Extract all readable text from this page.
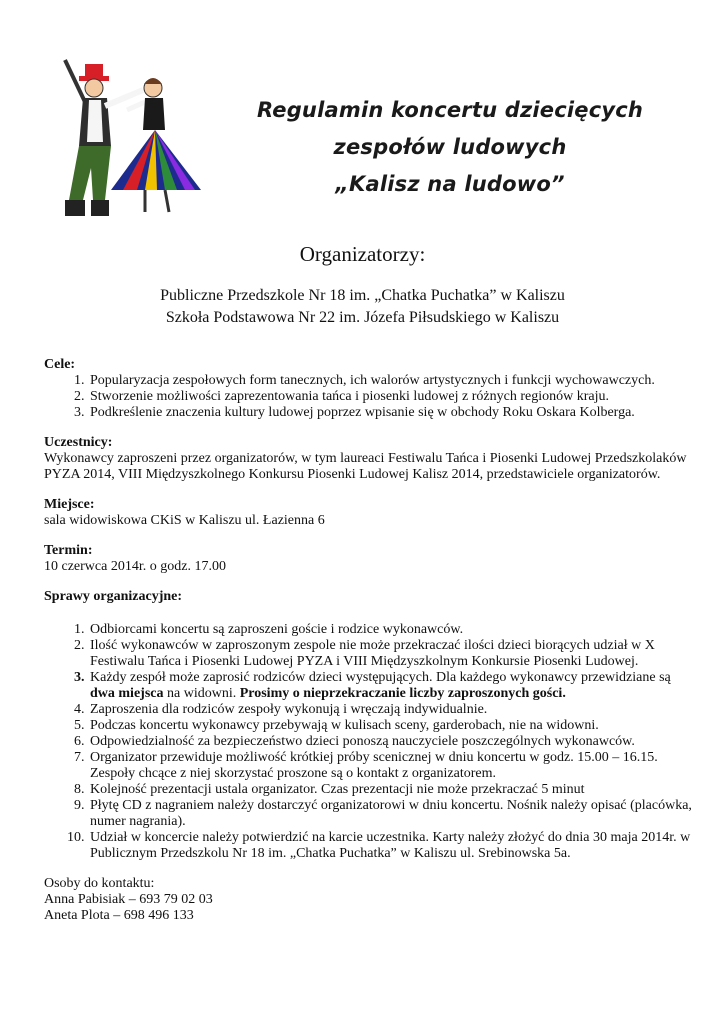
Regulamin koncertu dziecięcych
zespołów ludowych
„Kalisz na ludowo”
Organizatorzy:
Publiczne Przedszkole Nr 18 im. „Chatka Puchatka” w Kaliszu
Szkoła Podstawowa Nr 22 im. Józefa Piłsudskiego w Kaliszu
Cele:
1. Popularyzacja zespołowych form tanecznych, ich walorów artystycznych i funkcji wychowawczych.
2. Stworzenie możliwości zaprezentowania tańca i piosenki ludowej z różnych regionów kraju.
3. Podkreślenie znaczenia kultury ludowej poprzez wpisanie się w obchody Roku Oskara Kolberga.
Uczestnicy:
Wykonawcy zaproszeni przez organizatorów, w tym laureaci Festiwalu Tańca i Piosenki Ludowej Przedszkolaków PYZA 2014, VIII Międzyszkolnego Konkursu Piosenki Ludowej Kalisz 2014, przedstawiciele organizatorów.
Miejsce:
sala widowiskowa CKiS w Kaliszu ul. Łazienna 6
Termin:
10 czerwca 2014r. o godz. 17.00
Sprawy organizacyjne:
1. Odbiorcami koncertu są zaproszeni goście i rodzice wykonawców.
2. Ilość wykonawców w zaproszonym zespole nie może przekraczać ilości dzieci biorących udział w X Festiwalu Tańca i Piosenki Ludowej PYZA i VIII Międzyszkolnym Konkursie Piosenki Ludowej.
3. Każdy zespół może zaprosić rodziców dzieci występujących. Dla każdego wykonawcy przewidziane są dwa miejsca na widowni. Prosimy o nieprzekraczanie liczby zaproszonych gości.
4. Zaproszenia dla rodziców zespoły wykonują i wręczają indywidualnie.
5. Podczas koncertu wykonawcy przebywają w kulisach sceny, garderobach, nie na widowni.
6. Odpowiedzialność za bezpieczeństwo dzieci ponoszą nauczyciele poszczególnych wykonawców.
7. Organizator przewiduje możliwość krótkiej próby scenicznej w dniu koncertu w godz. 15.00 – 16.15. Zespoły chcące z niej skorzystać proszone są o kontakt z organizatorem.
8. Kolejność prezentacji ustala organizator. Czas prezentacji nie może przekraczać 5 minut
9. Płytę CD z nagraniem należy dostarczyć organizatorowi w dniu koncertu. Nośnik należy opisać (placówka, numer nagrania).
10. Udział w koncercie należy potwierdzić na karcie uczestnika. Karty należy złożyć do dnia 30 maja 2014r. w Publicznym Przedszkolu Nr 18 im. „Chatka Puchatka” w Kaliszu ul. Srebinowska 5a.
Osoby do kontaktu:
Anna Pabisiak – 693 79 02 03
Aneta Plota – 698 496 133
